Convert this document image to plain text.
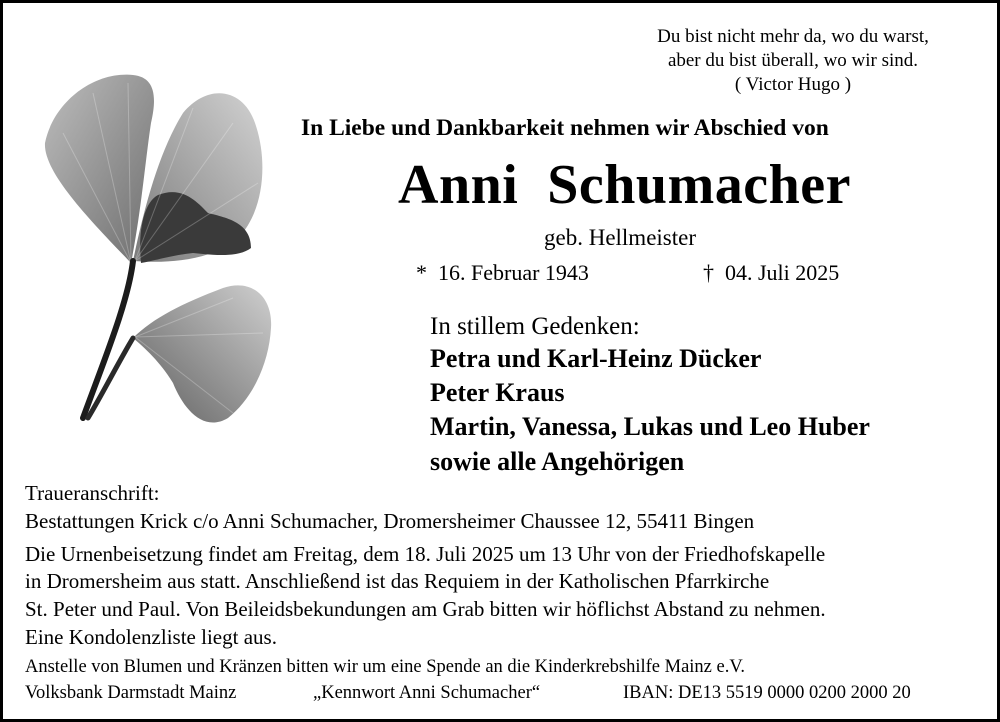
Du bist nicht mehr da, wo du warst,
aber du bist überall, wo wir sind.
( Victor Hugo )
In Liebe und Dankbarkeit nehmen wir Abschied von
Anni  Schumacher
geb. Hellmeister
*  16. Februar 1943	†  04. Juli 2025
In stillem Gedenken:
Petra und Karl-Heinz Dücker
Peter Kraus
Martin, Vanessa, Lukas und Leo Huber
sowie alle Angehörigen
Traueranschrift:
Bestattungen Krick c/o Anni Schumacher, Dromersheimer Chaussee 12, 55411 Bingen
Die Urnenbeisetzung findet am Freitag, dem 18. Juli 2025 um 13 Uhr von der Friedhofskapelle
in Dromersheim aus statt. Anschließend ist das Requiem in der Katholischen Pfarrkirche
St. Peter und Paul. Von Beileidsbekundungen am Grab bitten wir höflichst Abstand zu nehmen.
Eine Kondolenzliste liegt aus.
Anstelle von Blumen und Kränzen bitten wir um eine Spende an die Kinderkrebshilfe Mainz e.V.
Volksbank Darmstadt Mainz	„Kennwort Anni Schumacher“	IBAN: DE13 5519 0000 0200 2000 20
